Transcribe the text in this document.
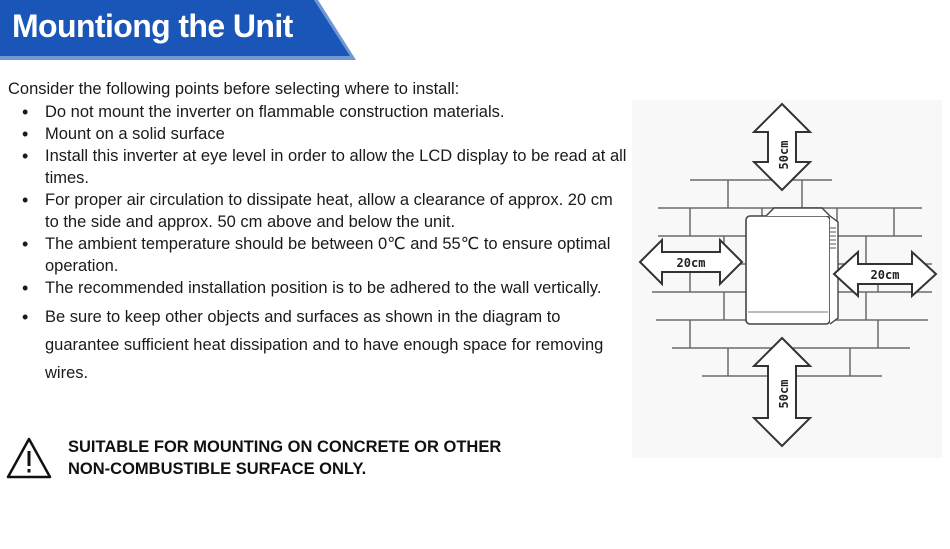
Mountiong the Unit
Consider the following points before selecting where to install:
• Do not mount the inverter on flammable construction materials.
• Mount on a solid surface
• Install this inverter at eye level in order to allow the LCD display to be read at all times.
• For proper air circulation to dissipate heat, allow a clearance of approx. 20 cm to the side and approx. 50 cm above and below the unit.
• The ambient temperature should be between 0℃ and 55℃ to ensure optimal operation.
• The recommended installation position is to be adhered to the wall vertically.
• Be sure to keep other objects and surfaces as shown in the diagram to guarantee sufficient heat dissipation and to have enough space for removing wires.
SUITABLE FOR MOUNTING ON CONCRETE OR OTHER
NON-COMBUSTIBLE SURFACE ONLY.
50cm
50cm
20cm
20cm
